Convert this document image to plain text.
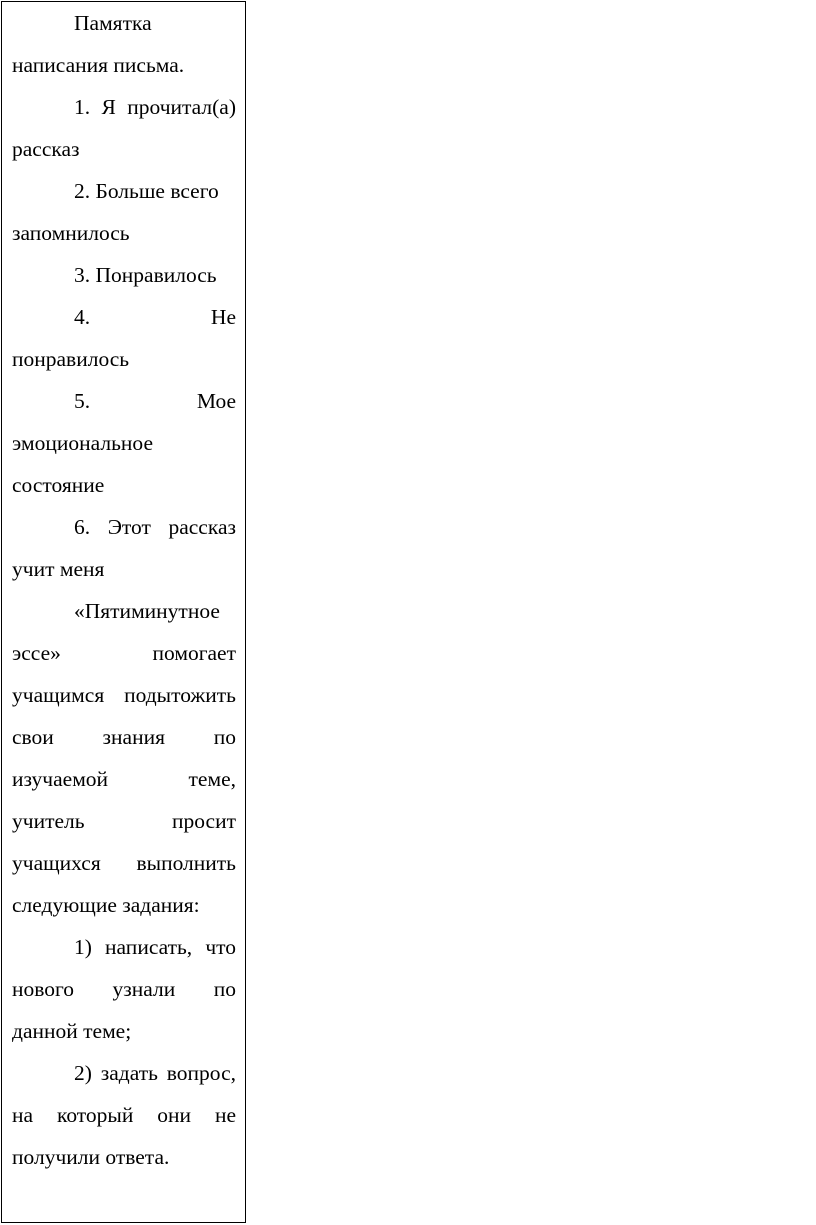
Памятка написания письма.

1. Я прочитал(а) рассказ

2. Больше всего запомнилось

3. Понравилось

4. Не понравилось

5. Мое эмоциональное состояние

6. Этот рассказ учит меня

«Пятиминутное эссе» помогает учащимся подытожить свои знания по изучаемой теме, учитель просит учащихся выполнить следующие задания:

1) написать, что нового узнали по данной теме;

2) задать вопрос, на который они не получили ответа.
